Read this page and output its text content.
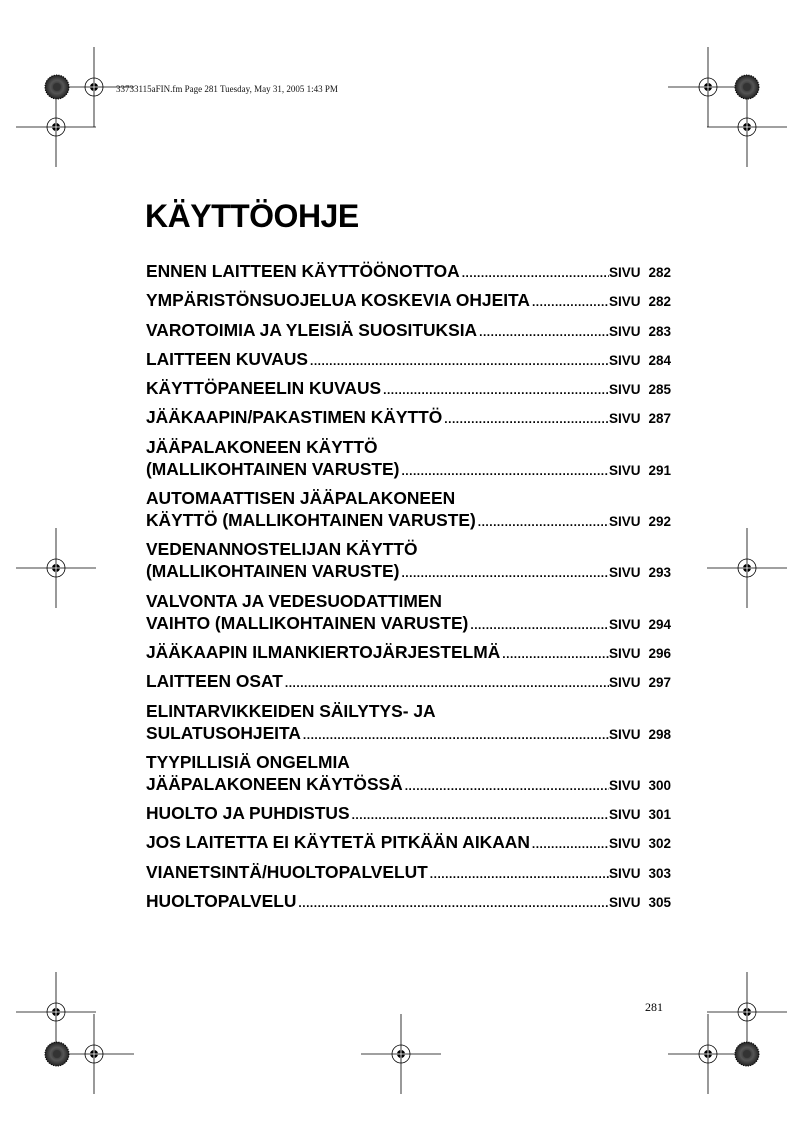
33733115aFIN.fm Page 281 Tuesday, May 31, 2005 1:43 PM
KÄYTTÖOHJE
ENNEN LAITTEEN KÄYTTÖÖNOTTOA .....	SIVU 282
YMPÄRISTÖNSUOJELUA KOSKEVIA OHJEITA .....	SIVU 282
VAROTOIMIA JA YLEISIÄ SUOSITUKSIA .....	SIVU 283
LAITTEEN KUVAUS .....	SIVU 284
KÄYTTÖPANEELIN KUVAUS .....	SIVU 285
JÄÄKAAPIN/PAKASTIMEN KÄYTTÖ .....	SIVU 287
JÄÄPALAKONEEN KÄYTTÖ
(MALLIKOHTAINEN VARUSTE) .....	SIVU 291
AUTOMAATTISEN JÄÄPALAKONEEN
KÄYTTÖ (MALLIKOHTAINEN VARUSTE) .....	SIVU 292
VEDENANNOSTELIJAN KÄYTTÖ
(MALLIKOHTAINEN VARUSTE) .....	SIVU 293
VALVONTA JA VEDESUODATTIMEN
VAIHTO (MALLIKOHTAINEN VARUSTE) .....	SIVU 294
JÄÄKAAPIN ILMANKIERTOJÄRJESTELMÄ .....	SIVU 296
LAITTEEN OSAT .....	SIVU 297
ELINTARVIKKEIDEN SÄILYTYS- JA
SULATUSOHJEITA .....	SIVU 298
TYYPILLISIÄ ONGELMIA
JÄÄPALAKONEEN KÄYTÖSSÄ .....	SIVU 300
HUOLTO JA PUHDISTUS .....	SIVU 301
JOS LAITETTA EI KÄYTETÄ PITKÄÄN AIKAAN .....	SIVU 302
VIANETSINTÄ/HUOLTOPALVELUT .....	SIVU 303
HUOLTOPALVELU .....	SIVU 305
281
